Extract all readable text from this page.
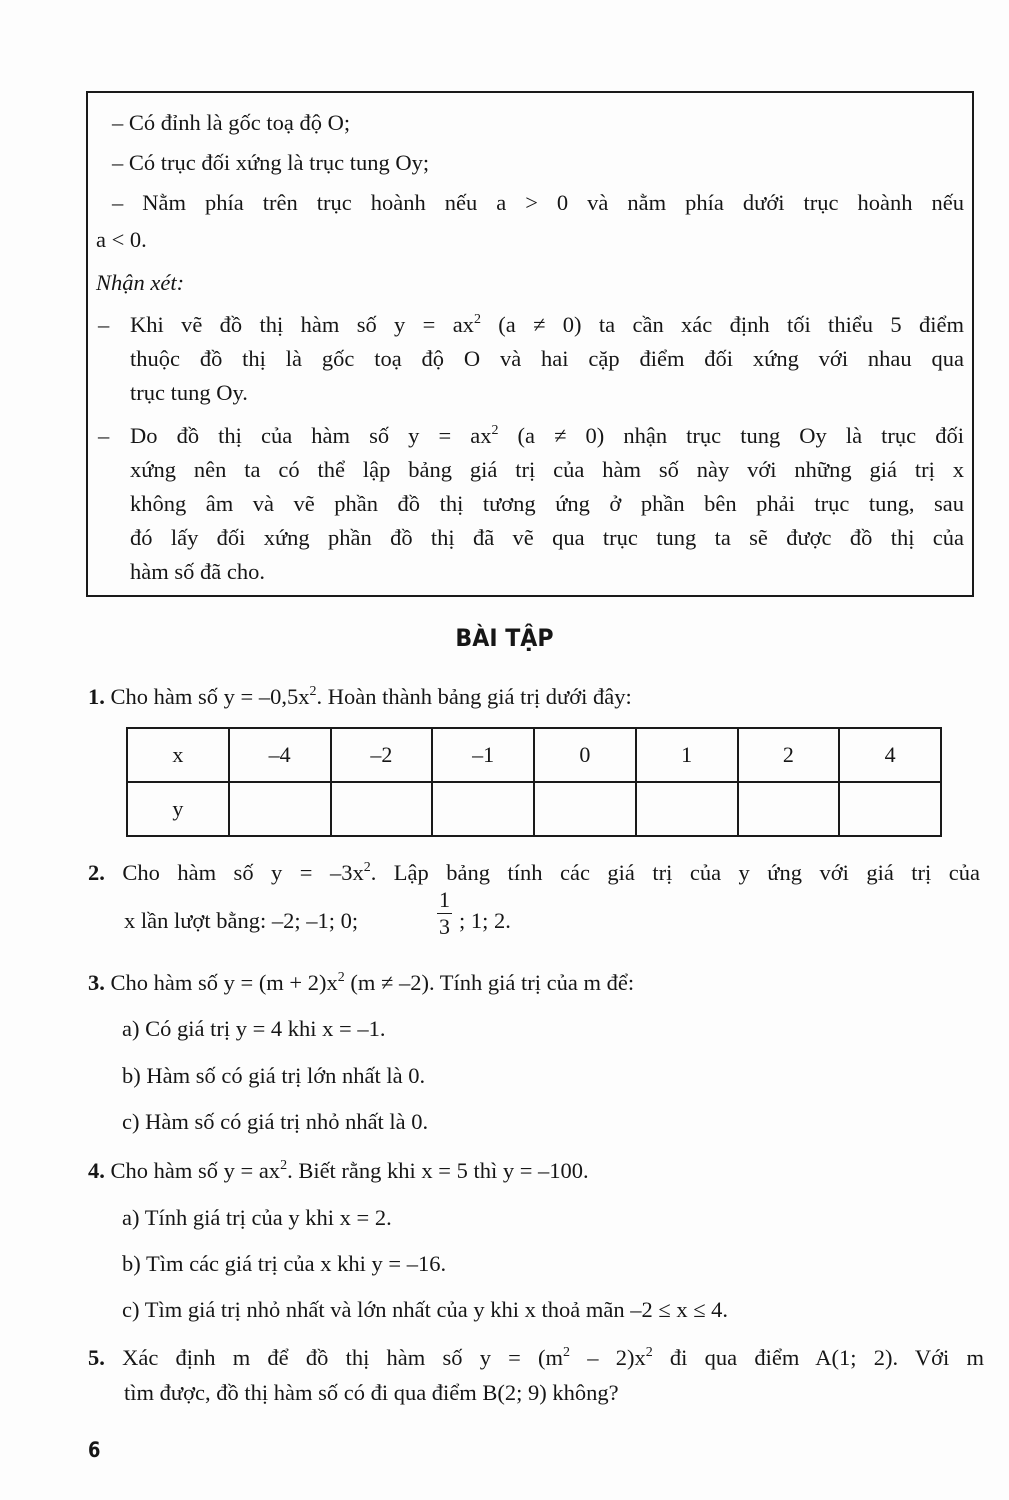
– Có đỉnh là gốc toạ độ O;
– Có trục đối xứng là trục tung Oy;
– Nằm phía trên trục hoành nếu a > 0 và nằm phía dưới trục hoành nếu
a < 0.
Nhận xét:
– Khi vẽ đồ thị hàm số $y = ax^2$ (a ≠ 0) ta cần xác định tối thiểu 5 điểm
thuộc đồ thị là gốc toạ độ O và hai cặp điểm đối xứng với nhau qua
trục tung Oy.
– Do đồ thị của hàm số $y = ax^2$ (a ≠ 0) nhận trục tung Oy là trục đối
xứng nên ta có thể lập bảng giá trị của hàm số này với những giá trị x
không âm và vẽ phần đồ thị tương ứng ở phần bên phải trục tung, sau
đó lấy đối xứng phần đồ thị đã vẽ qua trục tung ta sẽ được đồ thị của
hàm số đã cho.
BÀI TẬP
1. Cho hàm số $y = -0,5x^2$. Hoàn thành bảng giá trị dưới đây:
x	–4	–2	–1	0	1	2	4
y							
2. Cho hàm số $y = -3x^2$. Lập bảng tính các giá trị của y ứng với giá trị của
x lần lượt bằng: –2; –1; 0;	$\frac{1}{3}$ ; 1; 2.
3. Cho hàm số $y = (m + 2)x^2$ (m ≠ –2). Tính giá trị của m để:
a) Có giá trị y = 4 khi x = –1.
b) Hàm số có giá trị lớn nhất là 0.
c) Hàm số có giá trị nhỏ nhất là 0.
4. Cho hàm số $y = ax^2$. Biết rằng khi x = 5 thì y = –100.
a) Tính giá trị của y khi x = 2.
b) Tìm các giá trị của x khi y = –16.
c) Tìm giá trị nhỏ nhất và lớn nhất của y khi x thoả mãn –2 ≤ x ≤ 4.
5. Xác định m để đồ thị hàm số $y = (m^2 - 2)x^2$ đi qua điểm A(1; 2). Với m
tìm được, đồ thị hàm số có đi qua điểm B(2; 9) không?
6
